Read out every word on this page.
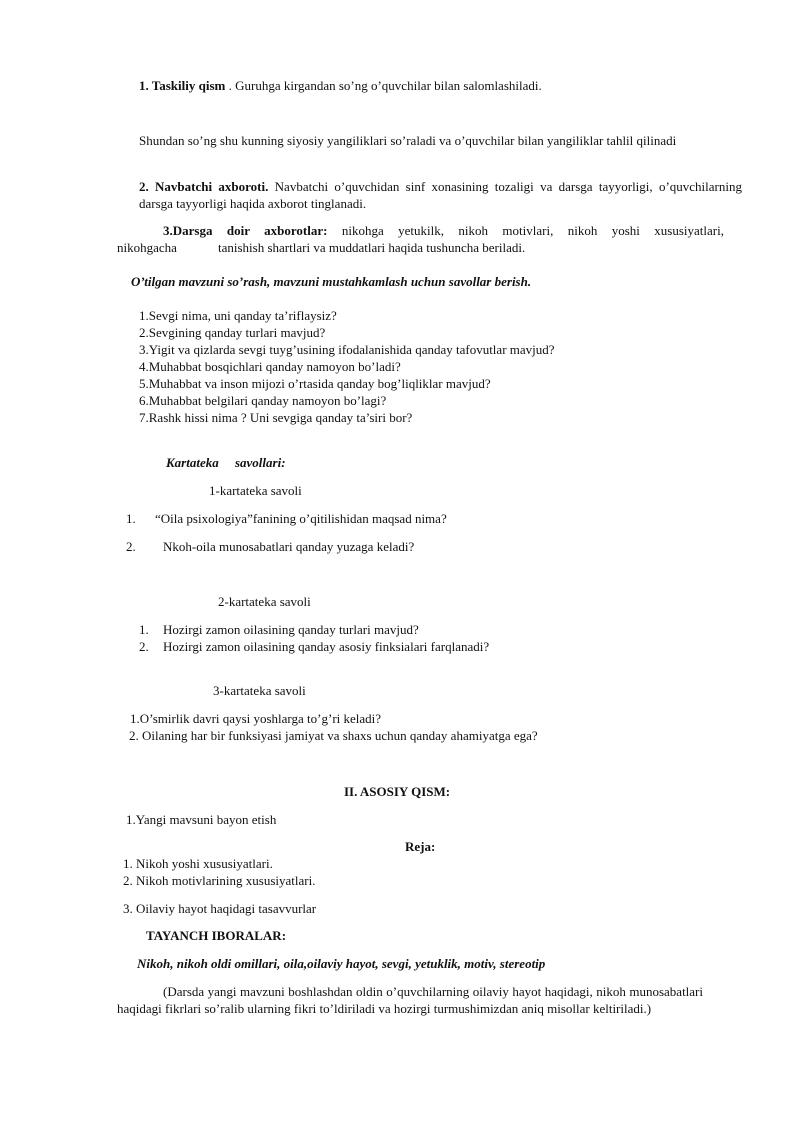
1. Taskiliy qism . Guruhga kirgandan so’ng o’quvchilar bilan salomlashiladi.
Shundan so’ng shu kunning siyosiy yangiliklari so’raladi va o’quvchilar bilan yangiliklar tahlil qilinadi
2. Navbatchi axboroti. Navbatchi o’quvchidan sinf xonasining tozaligi va darsga tayyorligi, o’quvchilarning darsga tayyorligi haqida axborot tinglanadi.
3.Darsga doir axborotlar: nikohga yetukilk, nikoh motivlari, nikoh yoshi xususiyatlari,
nikohgacha	tanishish shartlari va muddatlari haqida tushuncha beriladi.
O’tilgan mavzuni so’rash, mavzuni mustahkamlash uchun savollar berish.
1.Sevgi nima, uni qanday ta’riflaysiz?
2.Sevgining qanday turlari mavjud?
3.Yigit va qizlarda sevgi tuyg’usining ifodalanishida qanday tafovutlar mavjud?
4.Muhabbat bosqichlari qanday namoyon bo’ladi?
5.Muhabbat va inson mijozi o’rtasida qanday bog’liqliklar mavjud?
6.Muhabbat belgilari qanday namoyon bo’lagi?
7.Rashk hissi nima ? Uni sevgiga qanday ta’siri bor?
Kartateka     savollari:
1-kartateka savoli
1. “Oila psixologiya”fanining o’qitilishidan maqsad nima?
2. Nkoh-oila munosabatlari qanday yuzaga keladi?
2-kartateka savoli
1. Hozirgi zamon oilasining qanday turlari mavjud?
2. Hozirgi zamon oilasining qanday asosiy finksialari farqlanadi?
3-kartateka savoli
1.O’smirlik davri qaysi yoshlarga to’g’ri keladi?
2. Oilaning har bir funksiyasi jamiyat va shaxs uchun qanday ahamiyatga ega?
II. ASOSIY QISM:
1.Yangi mavsuni bayon etish
Reja:
1. Nikoh yoshi xususiyatlari.
2. Nikoh motivlarining xususiyatlari.
3. Oilaviy hayot haqidagi tasavvurlar
TAYANCH IBORALAR:
Nikoh, nikoh oldi omillari, oila,oilaviy hayot, sevgi, yetuklik, motiv, stereotip
(Darsda yangi mavzuni boshlashdan oldin o’quvchilarning oilaviy hayot haqidagi, nikoh munosabatlari haqidagi fikrlari so’ralib ularning fikri to’ldiriladi va hozirgi turmushimizdan aniq misollar keltiriladi.)
